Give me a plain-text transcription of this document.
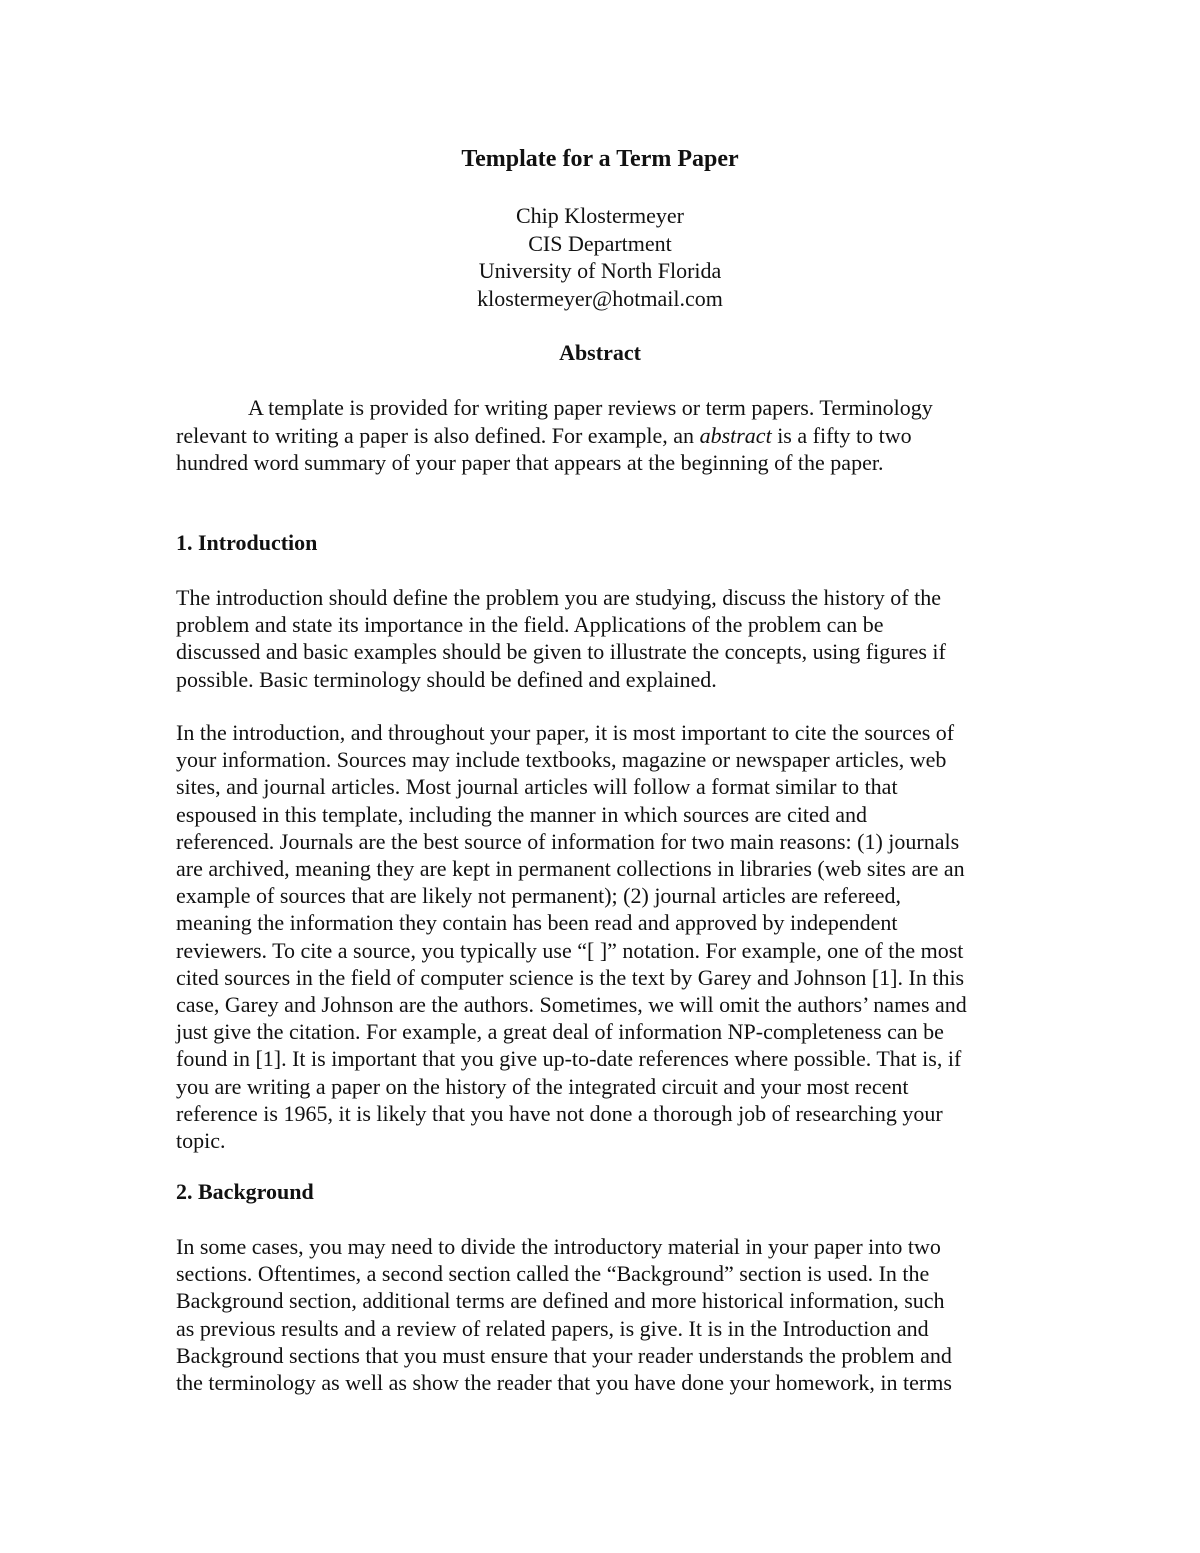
Template for a Term Paper
Chip Klostermeyer
CIS Department
University of North Florida
klostermeyer@hotmail.com
Abstract
A template is provided for writing paper reviews or term papers. Terminology
relevant to writing a paper is also defined. For example, an abstract is a fifty to two
hundred word summary of your paper that appears at the beginning of the paper.
1. Introduction
The introduction should define the problem you are studying, discuss the history of the
problem and state its importance in the field. Applications of the problem can be
discussed and basic examples should be given to illustrate the concepts, using figures if
possible. Basic terminology should be defined and explained.
In the introduction, and throughout your paper, it is most important to cite the sources of
your information. Sources may include textbooks, magazine or newspaper articles, web
sites, and journal articles. Most journal articles will follow a format similar to that
espoused in this template, including the manner in which sources are cited and
referenced. Journals are the best source of information for two main reasons: (1) journals
are archived, meaning they are kept in permanent collections in libraries (web sites are an
example of sources that are likely not permanent); (2) journal articles are refereed,
meaning the information they contain has been read and approved by independent
reviewers. To cite a source, you typically use “[ ]” notation. For example, one of the most
cited sources in the field of computer science is the text by Garey and Johnson [1]. In this
case, Garey and Johnson are the authors. Sometimes, we will omit the authors’ names and
just give the citation. For example, a great deal of information NP-completeness can be
found in [1]. It is important that you give up-to-date references where possible. That is, if
you are writing a paper on the history of the integrated circuit and your most recent
reference is 1965, it is likely that you have not done a thorough job of researching your
topic.
2. Background
In some cases, you may need to divide the introductory material in your paper into two
sections. Oftentimes, a second section called the “Background” section is used. In the
Background section, additional terms are defined and more historical information, such
as previous results and a review of related papers, is give. It is in the Introduction and
Background sections that you must ensure that your reader understands the problem and
the terminology as well as show the reader that you have done your homework, in terms
